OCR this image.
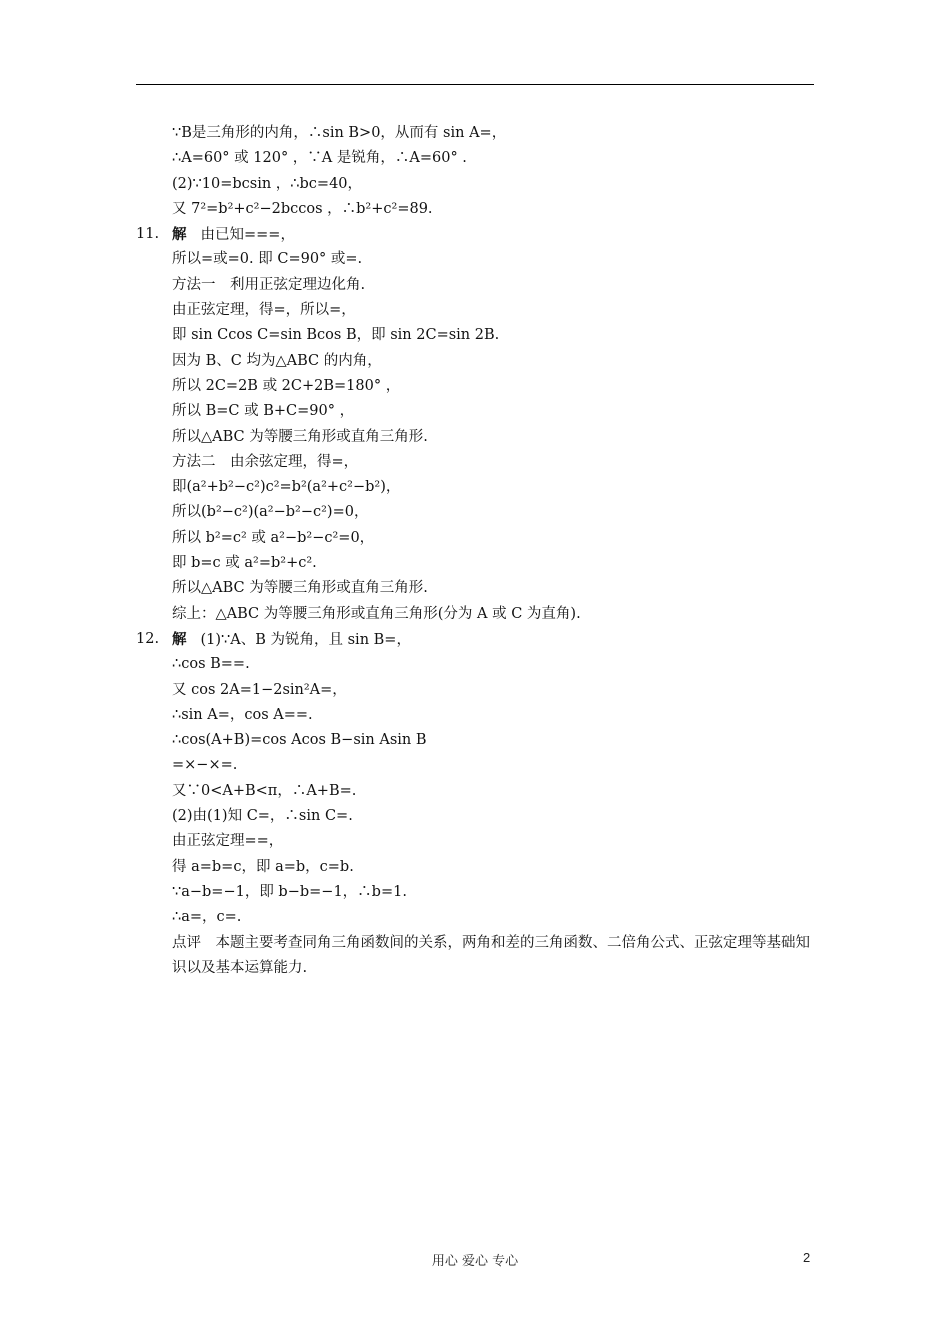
∵B是三角形的内角，∴sin B>0，从而有 sin A=，
∴A=60° 或 120° ，∵A 是锐角，∴A=60° .
(2)∵10=bcsin ，∴bc=40，
又 7²=b²+c²−2bccos ，∴b²+c²=89.
11. 解 由已知===，
所以=或=0. 即 C=90° 或=.
方法一　利用正弦定理边化角.
由正弦定理，得=，所以=，
即 sin Ccos C=sin Bcos B，即 sin 2C=sin 2B.
因为 B、C 均为△ABC 的内角，
所以 2C=2B 或 2C+2B=180° ，
所以 B=C 或 B+C=90° ，
所以△ABC 为等腰三角形或直角三角形.
方法二　由余弦定理，得=，
即(a²+b²−c²)c²=b²(a²+c²−b²)，
所以(b²−c²)(a²−b²−c²)=0，
所以 b²=c² 或 a²−b²−c²=0，
即 b=c 或 a²=b²+c².
所以△ABC 为等腰三角形或直角三角形.
综上：△ABC 为等腰三角形或直角三角形(分为 A 或 C 为直角).
12. 解 (1)∵A、B 为锐角，且 sin B=，
∴cos B==.
又 cos 2A=1−2sin²A=，
∴sin A=，cos A==.
∴cos(A+B)=cos Acos B−sin Asin B
=×−×=.
又∵0<A+B<π，∴A+B=.
(2)由(1)知 C=，∴sin C=.
由正弦定理==，
得 a=b=c，即 a=b，c=b.
∵a−b=−1，即 b−b=−1，∴b=1.
∴a=，c=.
点评　本题主要考查同角三角函数间的关系，两角和差的三角函数、二倍角公式、正弦定理等基础知识以及基本运算能力.
用心 爱心 专心	2
